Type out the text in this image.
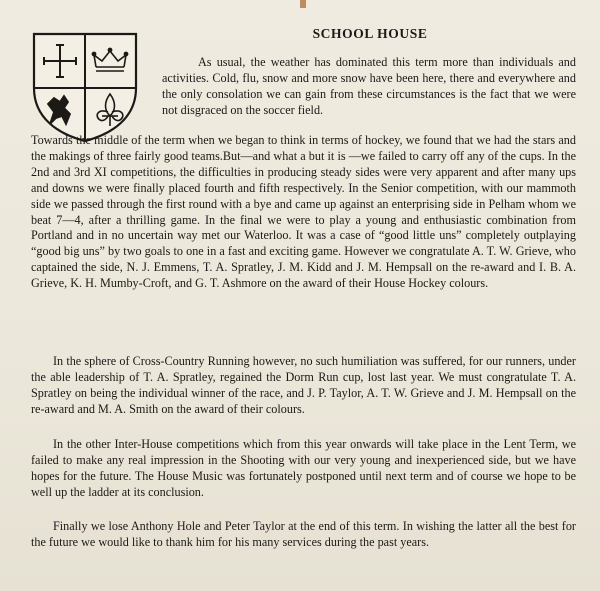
SCHOOL HOUSE

As usual, the weather has dominated this term more than individuals and activities. Cold, flu, snow and more snow have been here, there and everywhere and the only consolation we can gain from these circumstances is the fact that we were not disgraced on the soccer field.

Towards the middle of the term when we began to think in terms of hockey, we found that we had the stars and the makings of three fairly good teams.But—and what a but it is —we failed to carry off any of the cups. In the 2nd and 3rd XI competitions, the difficulties in producing steady sides were very apparent and after many ups and downs we were finally placed fourth and fifth respectively. In the Senior competition, with our mammoth side we passed through the first round with a bye and came up against an enterprising side in Pelham whom we beat 7—4, after a thrilling game. In the final we were to play a young and enthusiastic combination from Portland and in no uncertain way met our Waterloo. It was a case of “good little uns” completely outplaying “good big uns” by two goals to one in a fast and exciting game. However we congratulate A. T. W. Grieve, who captained the side, N. J. Emmens, T. A. Spratley, J. M. Kidd and J. M. Hempsall on the re-award and I. B. A. Grieve, K. H. Mumby-Croft, and G. T. Ashmore on the award of their House Hockey colours.

In the sphere of Cross-Country Running however, no such humiliation was suffered, for our runners, under the able leadership of T. A. Spratley, regained the Dorm Run cup, lost last year. We must congratulate T. A. Spratley on being the individual winner of the race, and J. P. Taylor, A. T. W. Grieve and J. M. Hempsall on the re-award and M. A. Smith on the award of their colours.

In the other Inter-House competitions which from this year onwards will take place in the Lent Term, we failed to make any real impression in the Shooting with our very young and inexperienced side, but we have hopes for the future. The House Music was fortunately postponed until next term and of course we hope to be well up the ladder at its conclusion.

Finally we lose Anthony Hole and Peter Taylor at the end of this term. In wishing the latter all the best for the future we would like to thank him for his many services during the past years.
